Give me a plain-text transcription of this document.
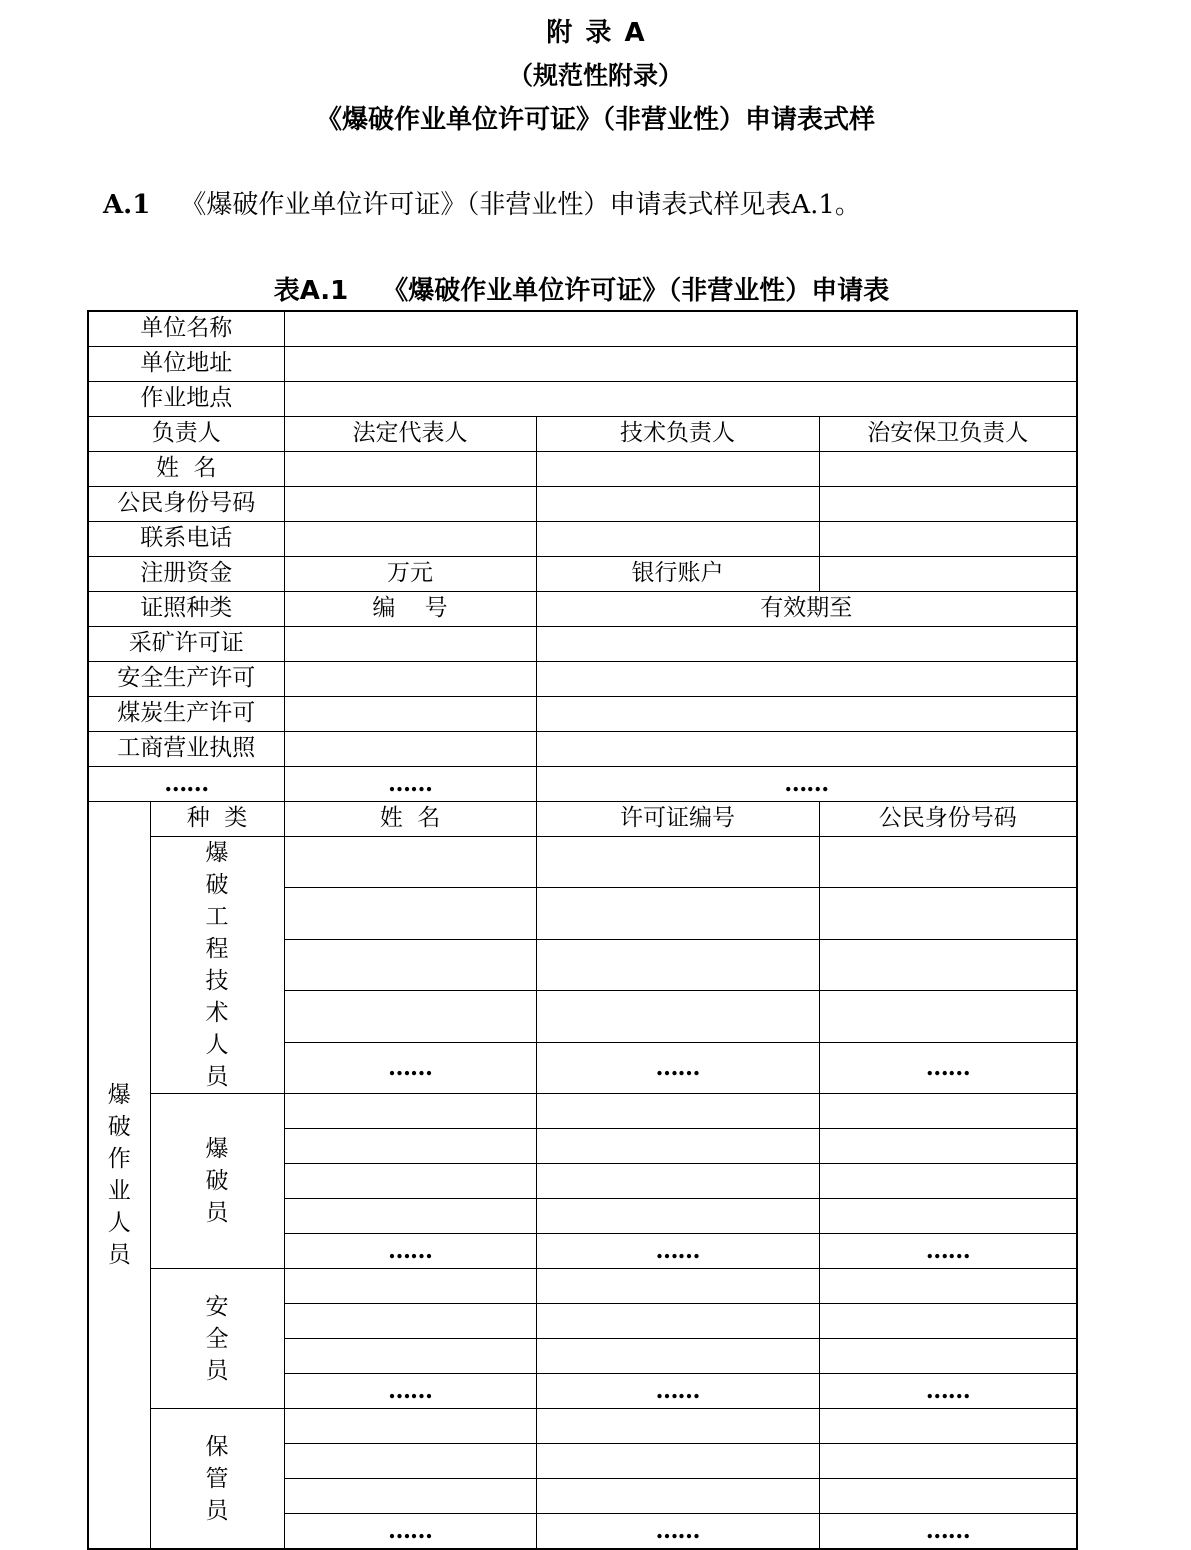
附 录 A
（规范性附录）
《爆破作业单位许可证》（非营业性）申请表式样
A.1 《爆破作业单位许可证》（非营业性）申请表式样见表A.1。
表A.1 《爆破作业单位许可证》（非营业性）申请表
单位名称				
单位地址				
作业地点				
负责人		法定代表人	技术负责人	治安保卫负责人
姓  名				
公民身份号码				
联系电话				
注册资金		万元	银行账户	
证照种类		编    号	有效期至	
采矿许可证				
安全生产许可				
煤炭生产许可				
工商营业执照				
……		……	……	
爆破作业人员	种  类	姓  名	许可证编号	公民身份号码
	爆破工程技术人员			

		……	……	……
	爆破员			

		……	……	……
	安全员			

		……	……	……
	保管员			

		……	……	……
